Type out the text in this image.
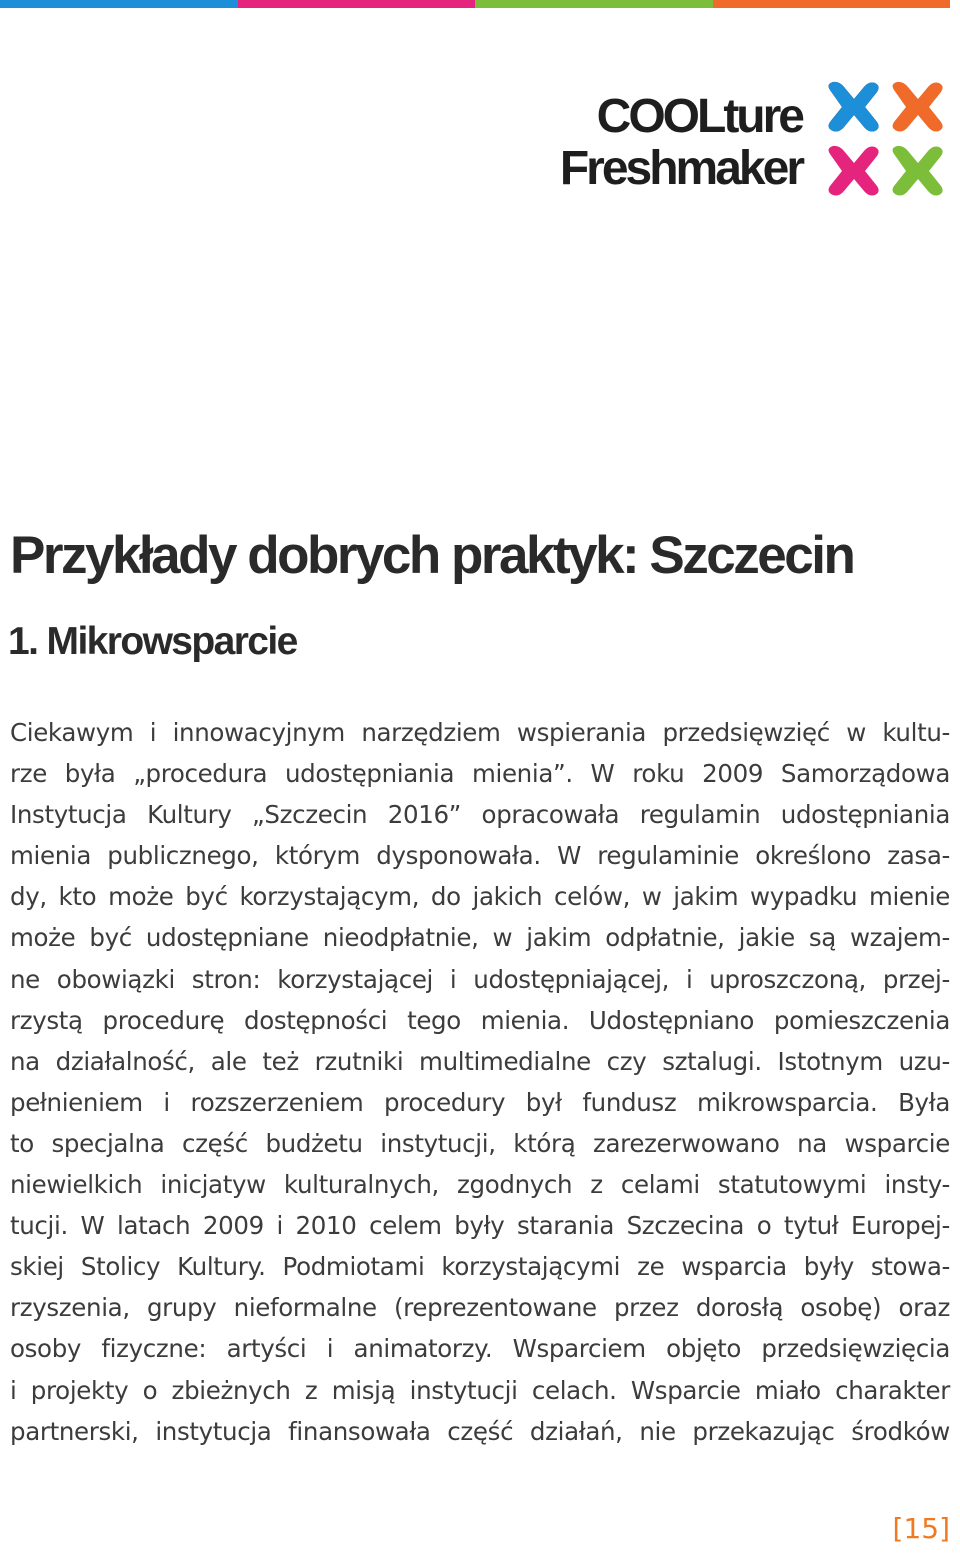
COOLture
Freshmaker
Przykłady dobrych praktyk: Szczecin
1. Mikrowsparcie
Ciekawym i innowacyjnym narzędziem wspierania przedsięwzięć w kultu-
rze była „procedura udostępniania mienia”. W roku 2009 Samorządowa
Instytucja Kultury „Szczecin 2016” opracowała regulamin udostępniania
mienia publicznego, którym dysponowała. W regulaminie określono zasa-
dy, kto może być korzystającym, do jakich celów, w jakim wypadku mienie
może być udostępniane nieodpłatnie, w jakim odpłatnie, jakie są wzajem-
ne obowiązki stron: korzystającej i udostępniającej, i uproszczoną, przej-
rzystą procedurę dostępności tego mienia. Udostępniano pomieszczenia
na działalność, ale też rzutniki multimedialne czy sztalugi. Istotnym uzu-
pełnieniem i rozszerzeniem procedury był fundusz mikrowsparcia. Była
to specjalna część budżetu instytucji, którą zarezerwowano na wsparcie
niewielkich inicjatyw kulturalnych, zgodnych z celami statutowymi insty-
tucji. W latach 2009 i 2010 celem były starania Szczecina o tytuł Europej-
skiej Stolicy Kultury. Podmiotami korzystającymi ze wsparcia były stowa-
rzyszenia, grupy nieformalne (reprezentowane przez dorosłą osobę) oraz
osoby fizyczne: artyści i animatorzy. Wsparciem objęto przedsięwzięcia
i projekty o zbieżnych z misją instytucji celach. Wsparcie miało charakter
partnerski, instytucja finansowała część działań, nie przekazując środków
[15]
